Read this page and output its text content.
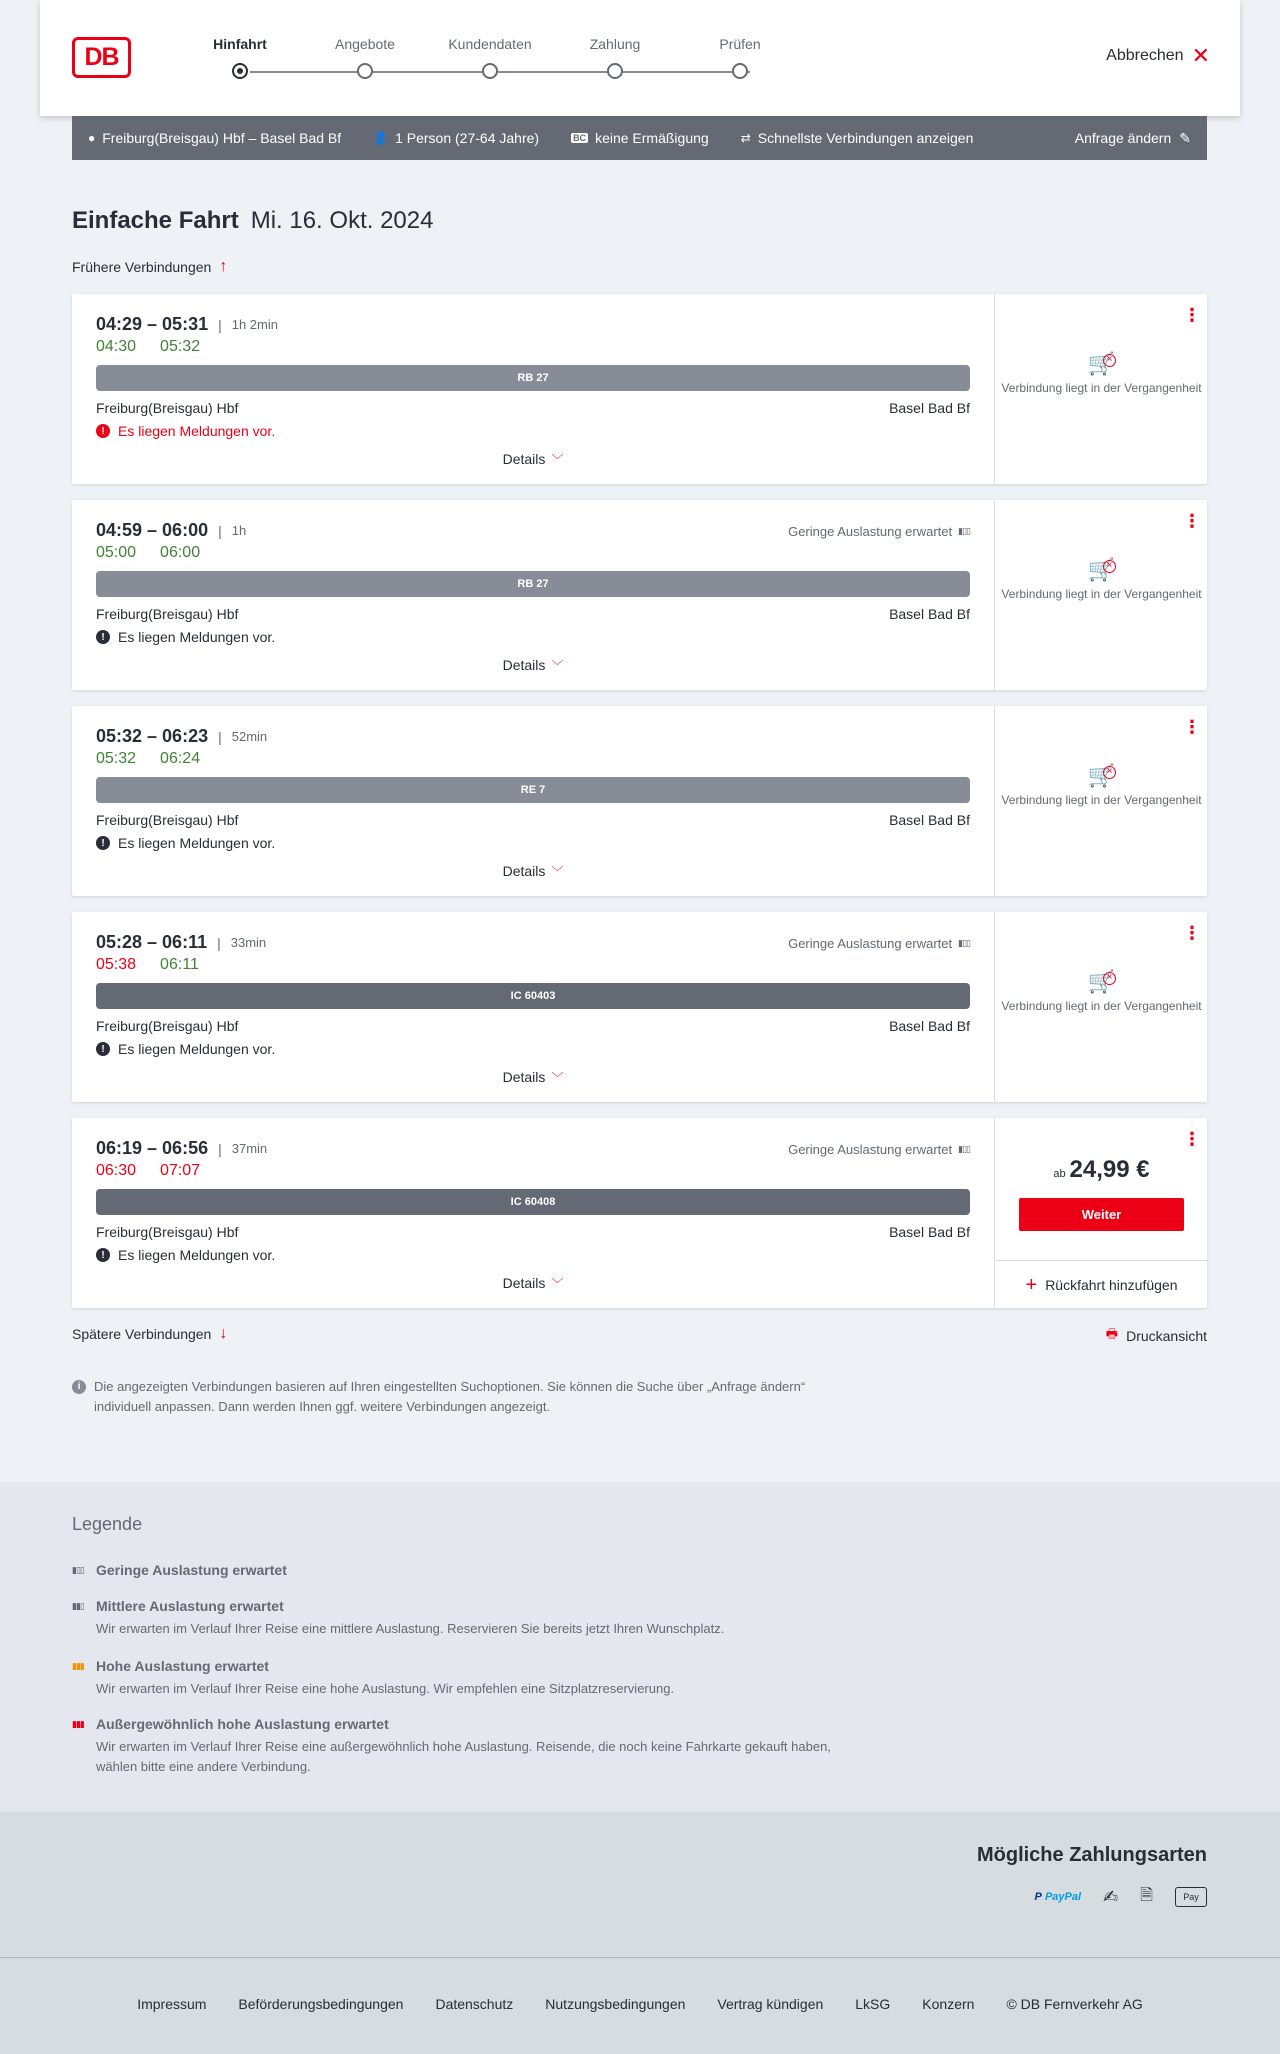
DB	Hinfahrt	Angebote	Kundendaten	Zahlung	Prüfen
Abbrechen ✕
● Freiburg(Breisgau) Hbf – Basel Bad Bf	👤 1 Person (27-64 Jahre)	BC keine Ermäßigung	⇄ Schnellste Verbindungen anzeigen	Anfrage ändern ✎
Einfache Fahrt Mi. 16. Okt. 2024
Frühere Verbindungen ↑
04:29 – 05:31 | 1h 2min
04:30 05:32
RB 27
Freiburg(Breisgau) Hbf	Basel Bad Bf
! Es liegen Meldungen vor.
Details ﹀
⋮
🛒 ×
Verbindung liegt in der Vergangenheit
04:59 – 06:00 | 1h	Geringe Auslastung erwartet ▮▯▯
05:00 06:00
RB 27
Freiburg(Breisgau) Hbf	Basel Bad Bf
! Es liegen Meldungen vor.
Details ﹀
⋮
🛒 ×
Verbindung liegt in der Vergangenheit
05:32 – 06:23 | 52min
05:32 06:24
RE 7
Freiburg(Breisgau) Hbf	Basel Bad Bf
! Es liegen Meldungen vor.
Details ﹀
⋮
🛒 ×
Verbindung liegt in der Vergangenheit
05:28 – 06:11 | 33min	Geringe Auslastung erwartet ▮▯▯
05:38 06:11
IC 60403
Freiburg(Breisgau) Hbf	Basel Bad Bf
! Es liegen Meldungen vor.
Details ﹀
⋮
🛒 ×
Verbindung liegt in der Vergangenheit
06:19 – 06:56 | 37min	Geringe Auslastung erwartet ▮▯▯
06:30 07:07
IC 60408
Freiburg(Breisgau) Hbf	Basel Bad Bf
! Es liegen Meldungen vor.
Details ﹀
⋮
ab 24,99 €
Weiter
+ Rückfahrt hinzufügen
Spätere Verbindungen ↓	🖶 Druckansicht
i	Die angezeigten Verbindungen basieren auf Ihren eingestellten Suchoptionen. Sie können die Suche über „Anfrage ändern“ individuell anpassen. Dann werden Ihnen ggf. weitere Verbindungen angezeigt.
Legende
▮▯▯ Geringe Auslastung erwartet
▮▮▯ Mittlere Auslastung erwartet
Wir erwarten im Verlauf Ihrer Reise eine mittlere Auslastung. Reservieren Sie bereits jetzt Ihren Wunschplatz.
▮▮▮ Hohe Auslastung erwartet
Wir erwarten im Verlauf Ihrer Reise eine hohe Auslastung. Wir empfehlen eine Sitzplatzreservierung.
▮▮▮ Außergewöhnlich hohe Auslastung erwartet
Wir erwarten im Verlauf Ihrer Reise eine außergewöhnlich hohe Auslastung. Reisende, die noch keine Fahrkarte gekauft haben, wählen bitte eine andere Verbindung.
Mögliche Zahlungsarten
P PayPal ✍ 🗎	Pay
Impressum Beförderungsbedingungen Datenschutz Nutzungsbedingungen Vertrag kündigen LkSG Konzern © DB Fernverkehr AG
